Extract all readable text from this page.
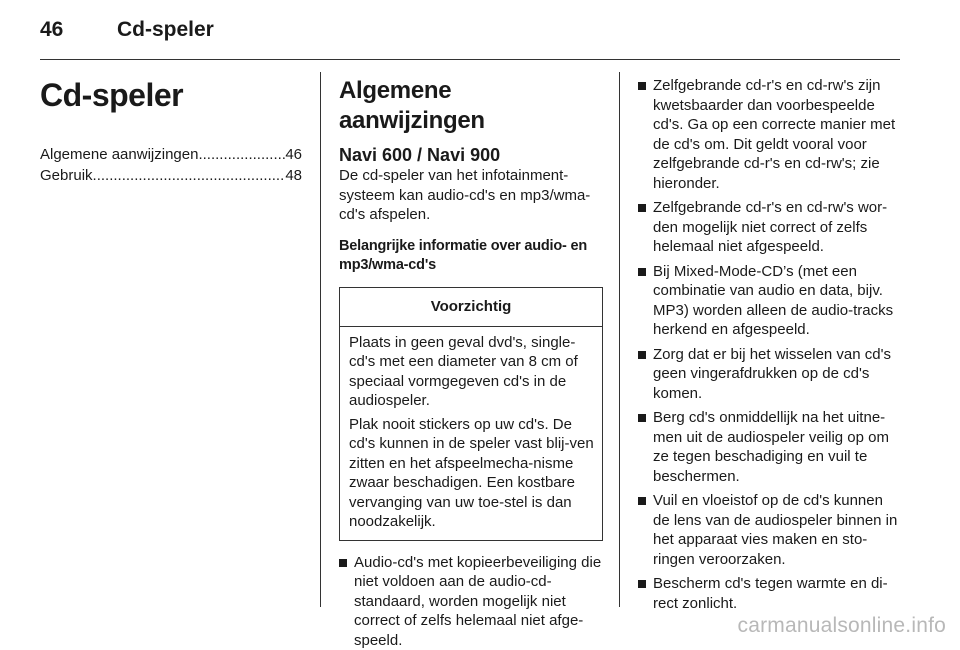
46	Cd-speler
Cd-speler
Algemene aanwijzingen .....	46
Gebruik .....	48
Algemene aanwijzingen
Navi 600 / Navi 900

De cd-speler van het infotainment-systeem kan audio-cd's en mp3/wma-cd's afspelen.

Belangrijke informatie over audio- en mp3/wma-cd's

Voorzichtig

Plaats in geen geval dvd's, single-cd's met een diameter van 8 cm of speciaal vormgegeven cd's in de audiospeler.

Plak nooit stickers op uw cd's. De cd's kunnen in de speler vast blij-ven zitten en het afspeelmecha-nisme zwaar beschadigen. Een kostbare vervanging van uw toe-stel is dan noodzakelijk.

Audio-cd's met kopieerbeveiliging die niet voldoen aan de audio-cd-standaard, worden mogelijk niet correct of zelfs helemaal niet afge-speeld.
Zelfgebrande cd-r's en cd-rw's zijn kwetsbaarder dan voorbespeelde cd's. Ga op een correcte manier met de cd's om. Dit geldt vooral voor zelfgebrande cd-r's en cd-rw's; zie hieronder.
Zelfgebrande cd-r's en cd-rw's wor-den mogelijk niet correct of zelfs helemaal niet afgespeeld.
Bij Mixed-Mode-CD’s (met een combinatie van audio en data, bijv. MP3) worden alleen de audio-tracks herkend en afgespeeld.
Zorg dat er bij het wisselen van cd's geen vingerafdrukken op de cd's komen.
Berg cd's onmiddellijk na het uitne-men uit de audiospeler veilig op om ze tegen beschadiging en vuil te beschermen.
Vuil en vloeistof op de cd's kunnen de lens van de audiospeler binnen in het apparaat vies maken en sto-ringen veroorzaken.
Bescherm cd's tegen warmte en di-rect zonlicht.
carmanualsonline.info
